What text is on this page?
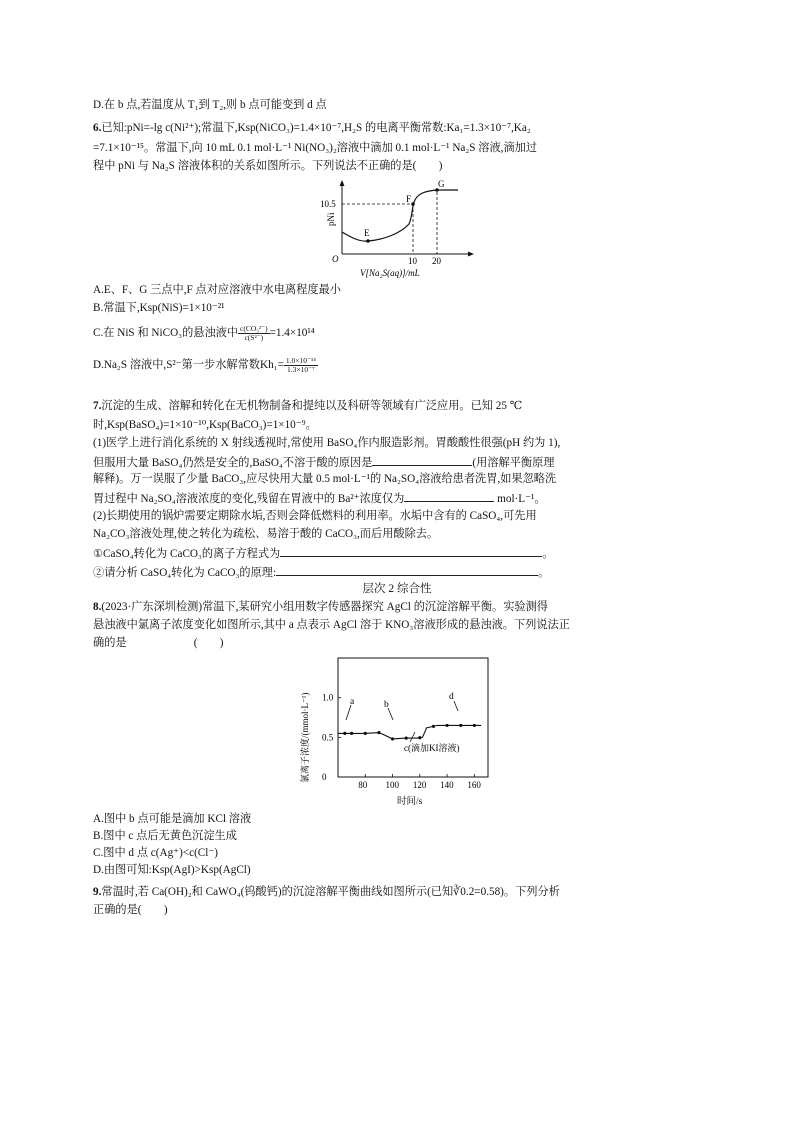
D.在 b 点,若温度从 T₁到 T₂,则 b 点可能变到 d 点
6.已知:pNi=-lg c(Ni²⁺);常温下,Ksp(NiCO₃)=1.4×10⁻⁷,H₂S 的电离平衡常数:Ka₁=1.3×10⁻⁷,Ka₂
=7.1×10⁻¹⁵。常温下,向 10 mL 0.1 mol·L⁻¹ Ni(NO₃)₂溶液中滴加 0.1 mol·L⁻¹ Na₂S 溶液,滴加过
程中 pNi 与 Na₂S 溶液体积的关系如图所示。下列说法不正确的是(　　)
E
F
G
10.5
pNi
O	10 20
V[Na₂S(aq)]/mL
A.E、F、G 三点中,F 点对应溶液中水电离程度最小
B.常温下,Ksp(NiS)=1×10⁻²¹
C.在 NiS 和 NiCO₃的悬浊液中 $\frac{\text{c(CO₃²⁻)}}{\text{c(S²⁻)}} =1.4\times 10^{14}$
D.Na₂S 溶液中,S²⁻第一步水解常数$Kh_1= \frac{\text{1.0×10⁻¹⁴}}{\text{1.3×10⁻⁷}}$
7.沉淀的生成、溶解和转化在无机物制备和提纯以及科研等领域有广泛应用。已知 25 ℃
时,Ksp(BaSO₄)=1×10⁻¹⁰,Ksp(BaCO₃)=1×10⁻⁹。
(1)医学上进行消化系统的 X 射线透视时,常使用 BaSO₄作内服造影剂。胃酸酸性很强(pH 约为 1),
但服用大量 BaSO₄仍然是安全的,BaSO₄不溶于酸的原因是	(用溶解平衡原理
解释)。万一误服了少量 BaCO₃,应尽快用大量 0.5 mol·L⁻¹的 Na₂SO₄溶液给患者洗胃,如果忽略洗
胃过程中 Na₂SO₄溶液浓度的变化,残留在胃液中的 Ba²⁺浓度仅为	mol·L⁻¹。
(2)长期使用的锅炉需要定期除水垢,否则会降低燃料的利用率。水垢中含有的 CaSO₄,可先用
Na₂CO₃溶液处理,使之转化为疏松、易溶于酸的 CaCO₃,而后用酸除去。
①CaSO₄转化为 CaCO₃的离子方程式为	。
②请分析 CaSO₄转化为 CaCO₃的原理:	。
层次 2 综合性
8.(2023·广东深圳检测)常温下,某研究小组用数字传感器探究 AgCl 的沉淀溶解平衡。实验测得
悬浊液中氯离子浓度变化如图所示,其中 a 点表示 AgCl 溶于 KNO₃溶液形成的悬浊液。下列说法正
确的是　　　　　　(　　)
氯离子浓度/(mmol·L⁻¹)
时间/s
80 100 120 140 160
0
0.5
1.0 a	b
c(滴加KI溶液)
d
A.图中 b 点可能是滴加 KCl 溶液
B.图中 c 点后无黄色沉淀生成
C.图中 d 点 c(Ag⁺)<c(Cl⁻)
D.由图可知:Ksp(AgI)>Ksp(AgCl)
9.常温时,若 Ca(OH)₂和 CaWO₄(钨酸钙)的沉淀溶解平衡曲线如图所示(已知∛0.2=0.58)。下列分析
正确的是(　　)
